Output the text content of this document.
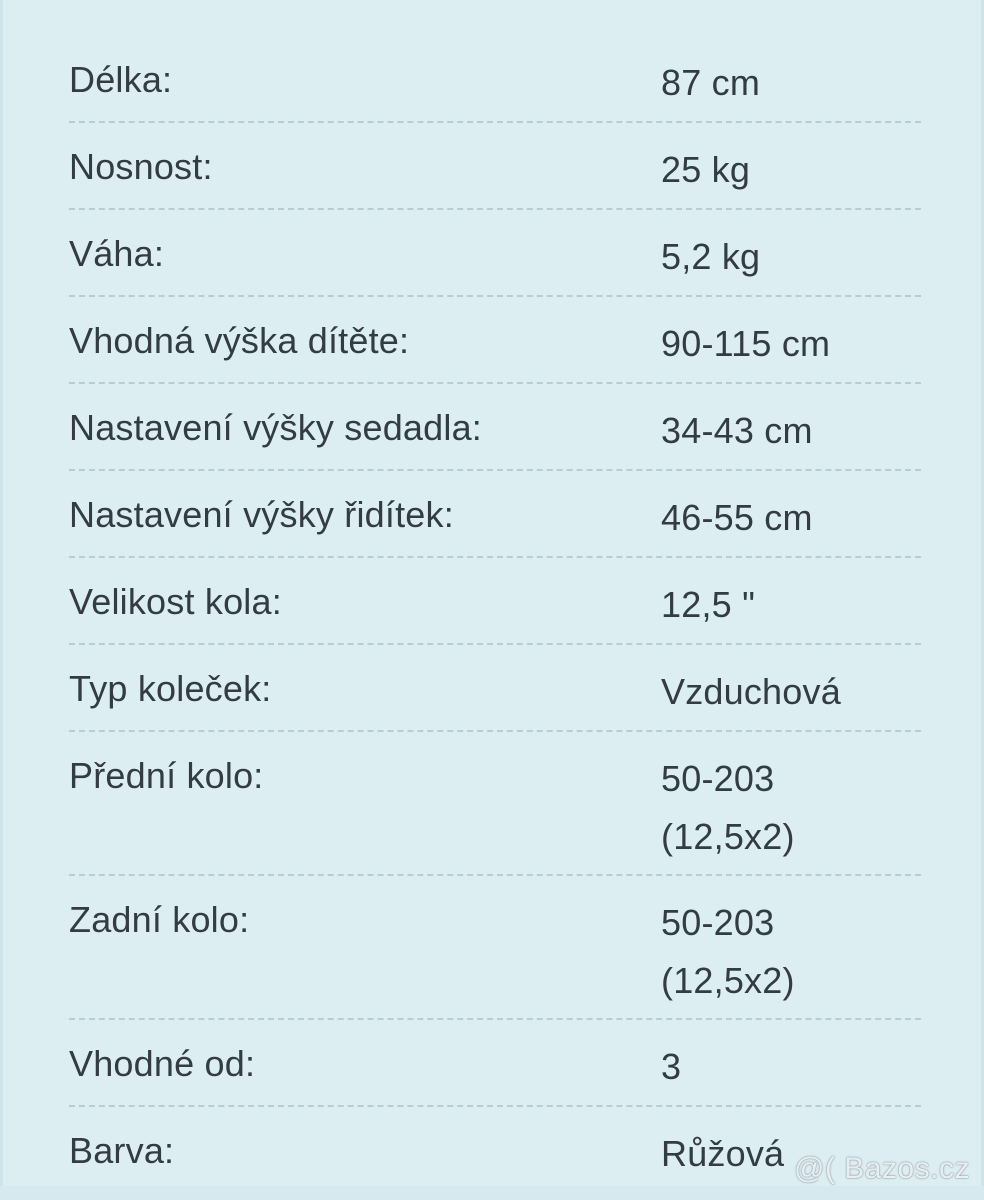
Délka:	87 cm
Nosnost:	25 kg
Váha:	5,2 kg
Vhodná výška dítěte:	90-115 cm
Nastavení výšky sedadla:	34-43 cm
Nastavení výšky řidítek:	46-55 cm
Velikost kola:	12,5 "
Typ koleček:	Vzduchová
Přední kolo:	50-203
(12,5x2)
Zadní kolo:	50-203
(12,5x2)
Vhodné od:	3
Barva:	Růžová @( Bazos.cz
